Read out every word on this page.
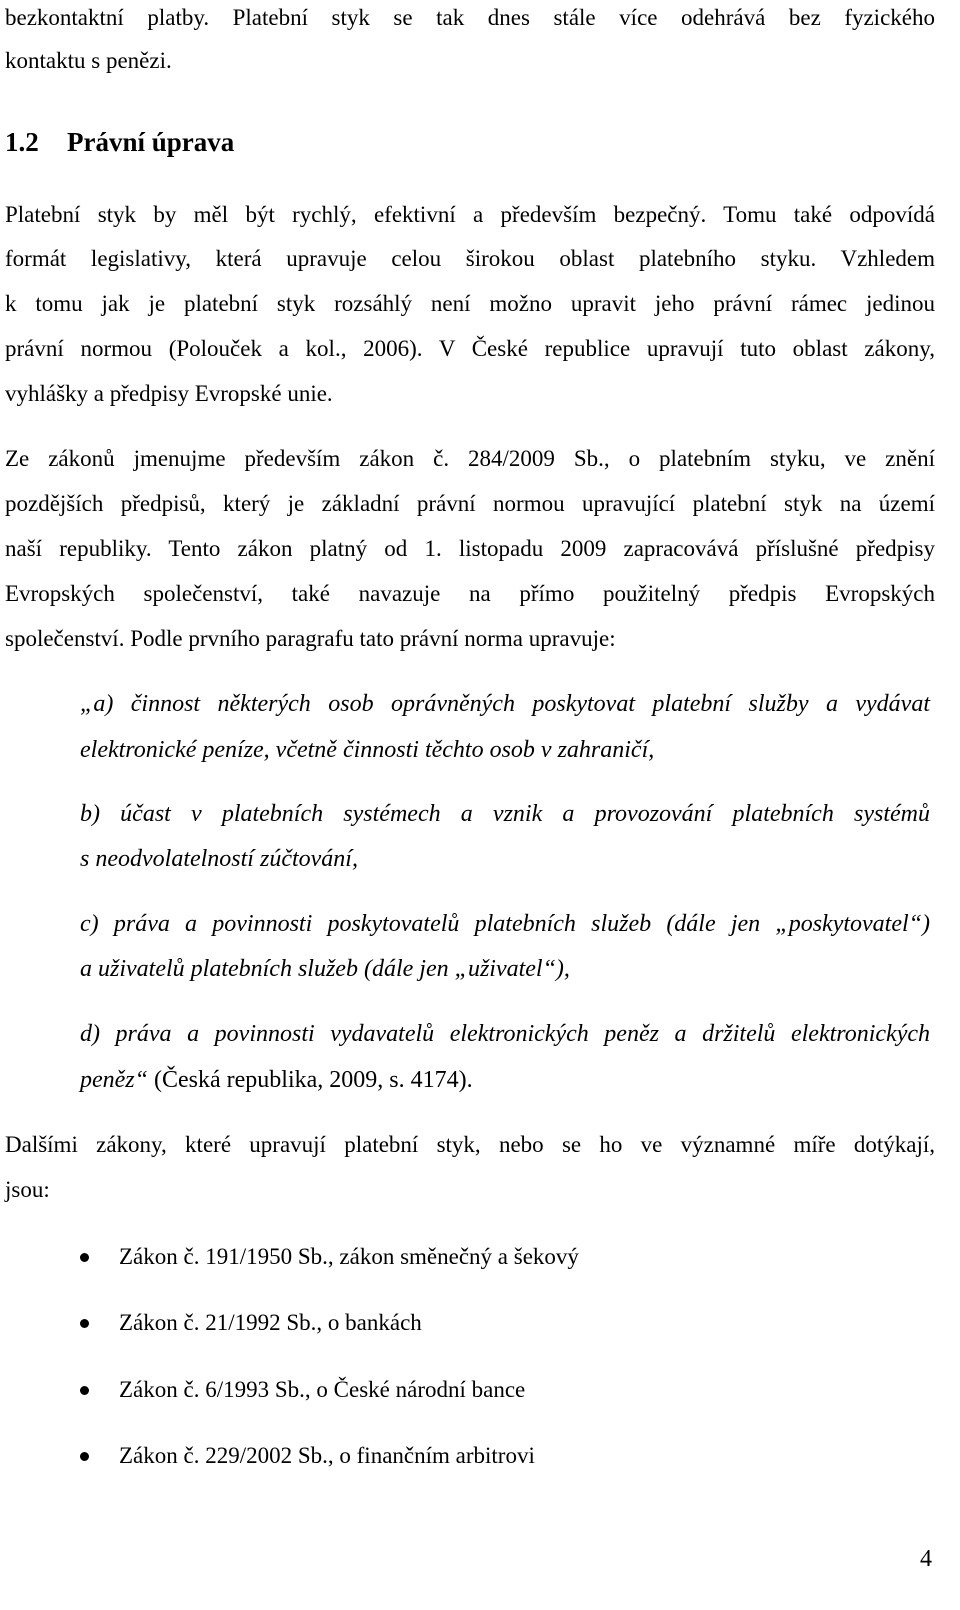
bezkontaktní platby. Platební styk se tak dnes stále více odehrává bez fyzického
kontaktu s penězi.
1.2 Právní úprava
Platební styk by měl být rychlý, efektivní a především bezpečný. Tomu také odpovídá
formát legislativy, která upravuje celou širokou oblast platebního styku. Vzhledem
k tomu jak je platební styk rozsáhlý není možno upravit jeho právní rámec jedinou
právní normou (Polouček a kol., 2006). V České republice upravují tuto oblast zákony,
vyhlášky a předpisy Evropské unie.
Ze zákonů jmenujme především zákon č. 284/2009 Sb., o platebním styku, ve znění
pozdějších předpisů, který je základní právní normou upravující platební styk na území
naší republiky. Tento zákon platný od 1. listopadu 2009 zapracovává příslušné předpisy
Evropských společenství, také navazuje na přímo použitelný předpis Evropských
společenství. Podle prvního paragrafu tato právní norma upravuje:
„a) činnost některých osob oprávněných poskytovat platební služby a vydávat
elektronické peníze, včetně činnosti těchto osob v zahraničí,
b) účast v platebních systémech a vznik a provozování platebních systémů
s neodvolatelností zúčtování,
c) práva a povinnosti poskytovatelů platebních služeb (dále jen „poskytovatel“)
a uživatelů platebních služeb (dále jen „uživatel“),
d) práva a povinnosti vydavatelů elektronických peněz a držitelů elektronických
peněz“ (Česká republika, 2009, s. 4174).
Dalšími zákony, které upravují platební styk, nebo se ho ve významné míře dotýkají,
jsou:
Zákon č. 191/1950 Sb., zákon směnečný a šekový
Zákon č. 21/1992 Sb., o bankách
Zákon č. 6/1993 Sb., o České národní bance
Zákon č. 229/2002 Sb., o finančním arbitrovi
4
